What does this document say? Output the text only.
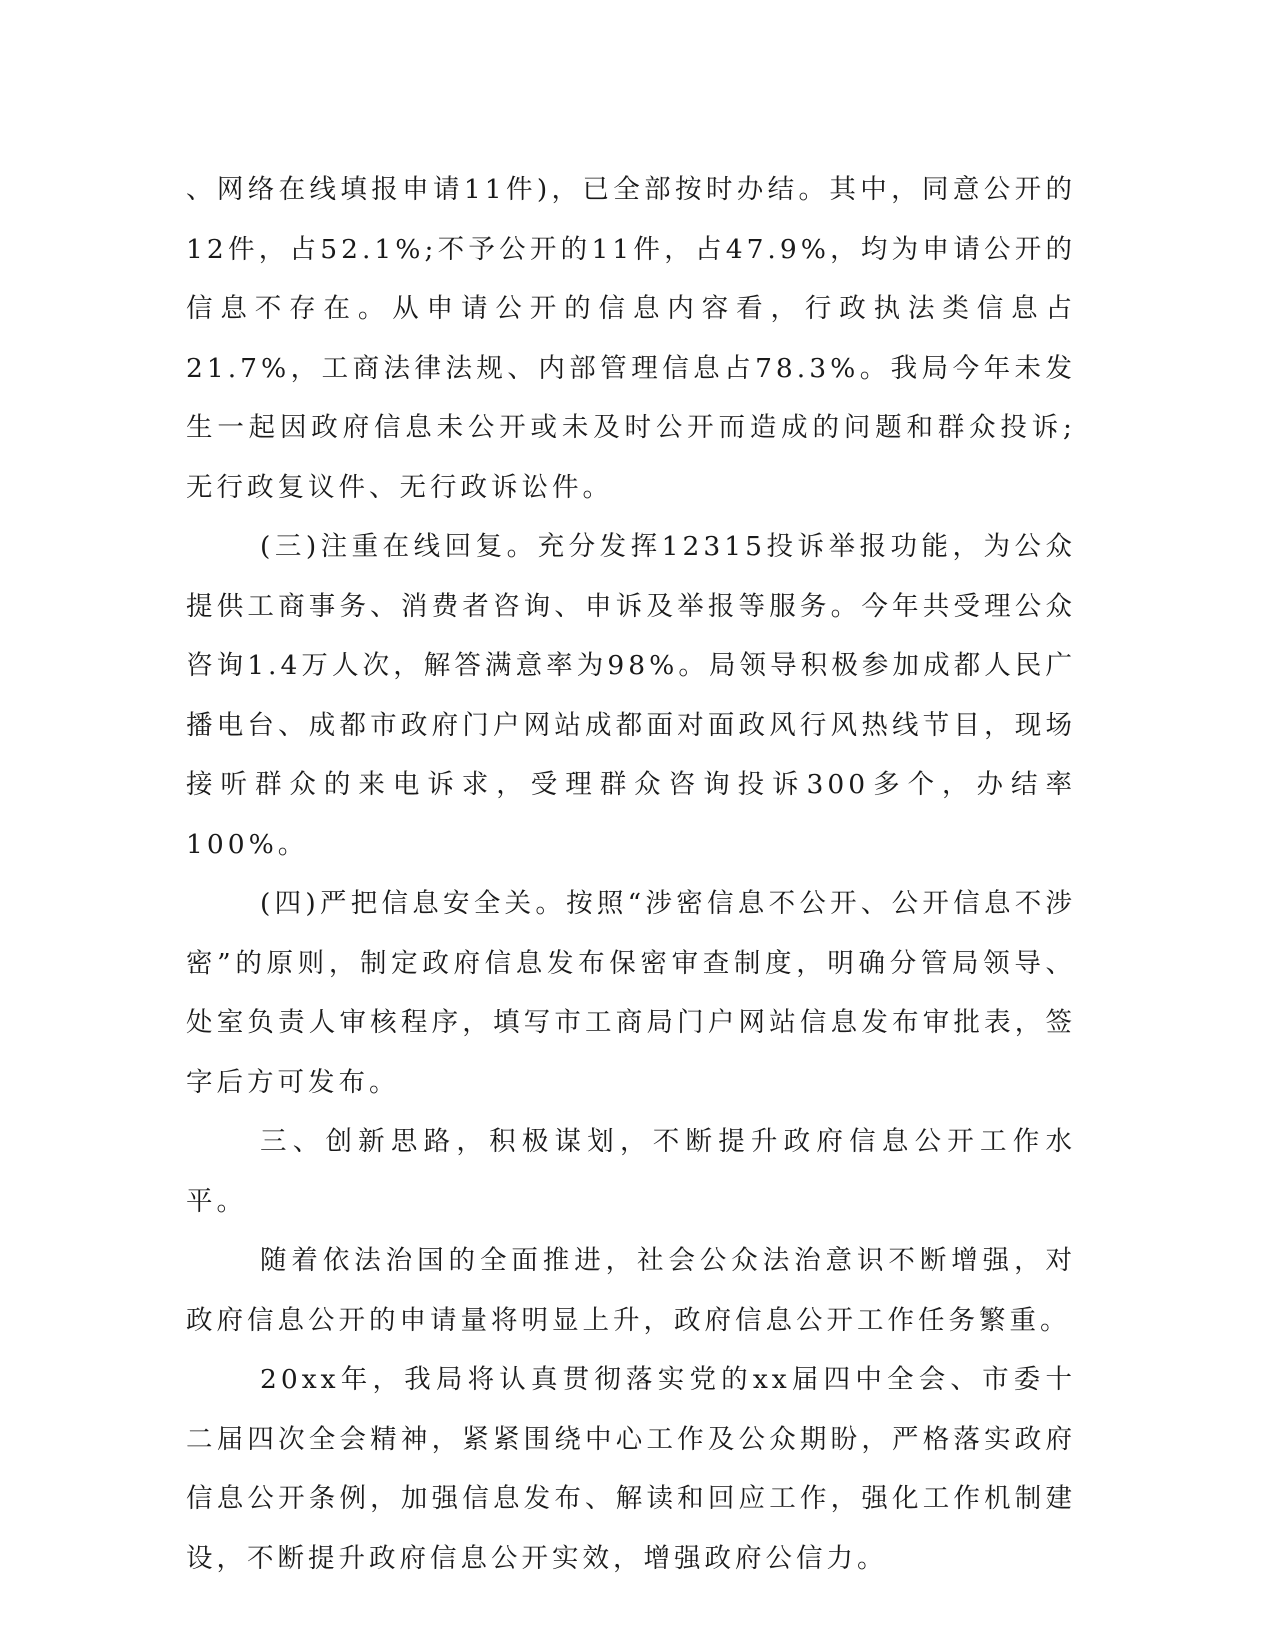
、网络在线填报申请11件)，已全部按时办结。其中，同意公开的12件，占52.1%;不予公开的11件，占47.9%，均为申请公开的信息不存在。从申请公开的信息内容看，行政执法类信息占21.7%，工商法律法规、内部管理信息占78.3%。我局今年未发生一起因政府信息未公开或未及时公开而造成的问题和群众投诉;无行政复议件、无行政诉讼件。

(三)注重在线回复。充分发挥12315投诉举报功能，为公众提供工商事务、消费者咨询、申诉及举报等服务。今年共受理公众咨询1.4万人次，解答满意率为98%。局领导积极参加成都人民广播电台、成都市政府门户网站成都面对面政风行风热线节目，现场接听群众的来电诉求，受理群众咨询投诉300多个，办结率100%。

(四)严把信息安全关。按照“涉密信息不公开、公开信息不涉密”的原则，制定政府信息发布保密审查制度，明确分管局领导、处室负责人审核程序，填写市工商局门户网站信息发布审批表，签字后方可发布。

三、创新思路，积极谋划，不断提升政府信息公开工作水平。

随着依法治国的全面推进，社会公众法治意识不断增强，对政府信息公开的申请量将明显上升，政府信息公开工作任务繁重。

20xx年，我局将认真贯彻落实党的xx届四中全会、市委十二届四次全会精神，紧紧围绕中心工作及公众期盼，严格落实政府信息公开条例，加强信息发布、解读和回应工作，强化工作机制建设，不断提升政府信息公开实效，增强政府公信力。
